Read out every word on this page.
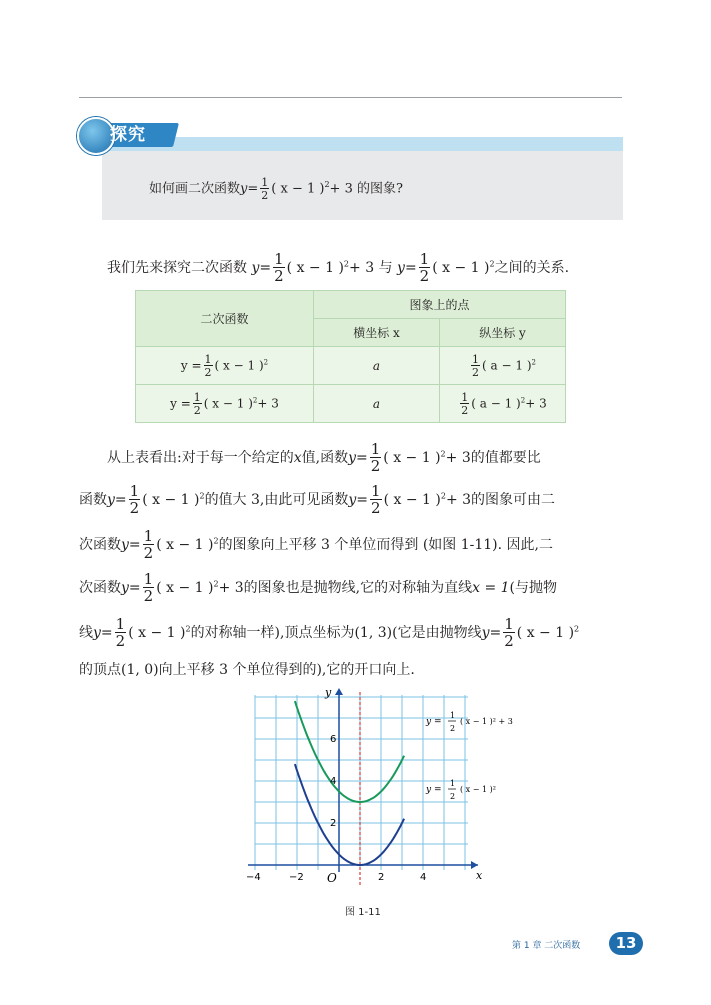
探究
如何画二次函数$y= \frac{1}{2}$ ( x − 1 )$^2$+ 3 的图象?
我们先来探究二次函数 $y= \frac{1}{2}$ ( x − 1 )$^2$+ 3 与 $y= \frac{1}{2}$ ( x − 1 )$^2$之间的关系.
二次函数	图象上的点	
	横坐标 x	纵坐标 y
$y = \frac{1}{2}$ ( x − 1 )$^2$	a	$\frac{1}{2}$ ( a − 1 )$^2$
$y = \frac{1}{2}$ ( x − 1 )$^2$+ 3	a	$\frac{1}{2}$ ( a − 1 )$^2$+ 3
从上表看出:对于每一个给定的x值,函数$y= \frac{1}{2}$ ( x − 1 )$^2$+ 3的值都要比
函数$y= \frac{1}{2}$ ( x − 1 )$^2$的值大 3,由此可见函数$y= \frac{1}{2}$ ( x − 1 )$^2$+ 3的图象可由二
次函数$y= \frac{1}{2}$ ( x − 1 )$^2$的图象向上平移 3 个单位而得到 (如图 1-11). 因此,二
次函数$y= \frac{1}{2}$ ( x − 1 )$^2$+ 3的图象也是抛物线,它的对称轴为直线x = 1(与抛物
线$y= \frac{1}{2}$ ( x − 1 )$^2$的对称轴一样),顶点坐标为(1, 3)(它是由抛物线$y= \frac{1}{2}$ ( x − 1 )$^2$
的顶点(1, 0)向上平移 3 个单位得到的),它的开口向上.
−4	−2 O	2	4	x
2
4
6
y
y =
1
2
( x − 1 )² + 3
y =
1
2
( x − 1 )²
图 1-11
第 1 章 二次函数	13
